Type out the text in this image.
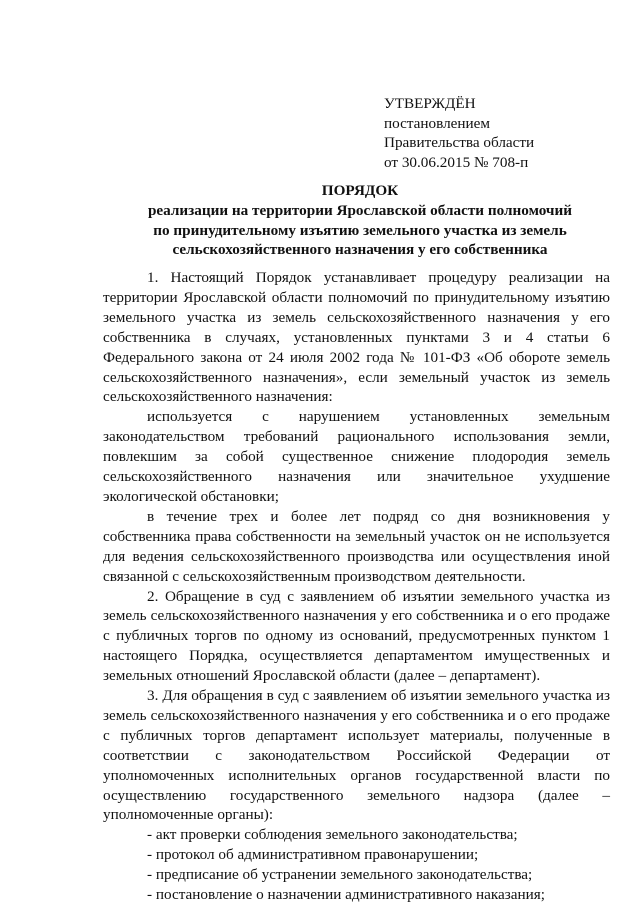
УТВЕРЖДЁН
постановлением
Правительства области
от 30.06.2015 № 708-п
ПОРЯДОК
реализации на территории Ярославской области полномочий
по принудительному изъятию земельного участка из земель
сельскохозяйственного назначения у его собственника

1. Настоящий Порядок устанавливает процедуру реализации на территории Ярославской области полномочий по принудительному изъятию земельного участка из земель сельскохозяйственного назначения у его собственника в случаях, установленных пунктами 3 и 4 статьи 6 Федерального закона от 24 июля 2002 года № 101-ФЗ «Об обороте земель сельскохозяйственного назначения», если земельный участок из земель сельскохозяйственного назначения:

используется с нарушением установленных земельным законодательством требований рационального использования земли, повлекшим за собой существенное снижение плодородия земель сельскохозяйственного назначения или значительное ухудшение экологической обстановки;

в течение трех и более лет подряд со дня возникновения у собственника права собственности на земельный участок он не используется для ведения сельскохозяйственного производства или осуществления иной связанной с сельскохозяйственным производством деятельности.

2. Обращение в суд с заявлением об изъятии земельного участка из земель сельскохозяйственного назначения у его собственника и о его продаже с публичных торгов по одному из оснований, предусмотренных пунктом 1 настоящего Порядка, осуществляется департаментом имущественных и земельных отношений Ярославской области (далее – департамент).

3. Для обращения в суд с заявлением об изъятии земельного участка из земель сельскохозяйственного назначения у его собственника и о его продаже с публичных торгов департамент использует материалы, полученные в соответствии с законодательством Российской Федерации от уполномоченных исполнительных органов государственной власти по осуществлению государственного земельного надзора (далее – уполномоченные органы):

- акт проверки соблюдения земельного законодательства;

- протокол об административном правонарушении;

- предписание об устранении земельного законодательства;

- постановление о назначении административного наказания;
